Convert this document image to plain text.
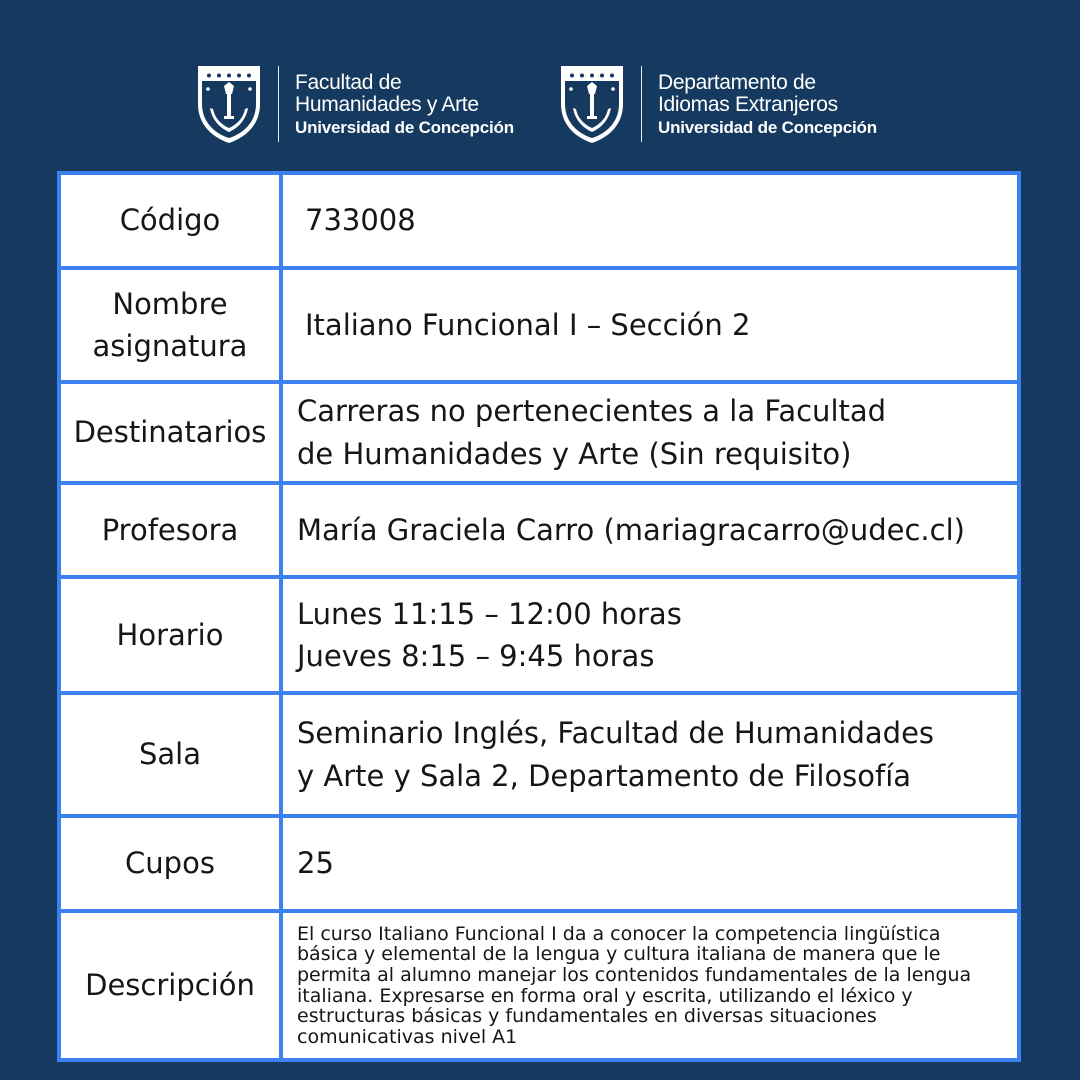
Facultad de
Humanidades y Arte
Universidad de Concepción
Departamento de
Idiomas Extranjeros
Universidad de Concepción
Código	733008

Nombre
asignatura	Italiano Funcional I – Sección 2
Destinatarios	Carreras no pertenecientes a la Facultad
de Humanidades y Arte (Sin requisito)

Profesora	María Graciela Carro (mariagracarro@udec.cl)
Horario	Lunes 11:15 – 12:00 horas
Jueves 8:15 – 9:45 horas

Sala	Seminario Inglés, Facultad de Humanidades
y Arte y Sala 2, Departamento de Filosofía

Cupos	25
Descripción	El curso Italiano Funcional I da a conocer la competencia lingüística básica y elemental de la lengua y cultura italiana de manera que le permita al alumno manejar los contenidos fundamentales de la lengua italiana. Expresarse en forma oral y escrita, utilizando el léxico y estructuras básicas y fundamentales en diversas situaciones comunicativas nivel A1
